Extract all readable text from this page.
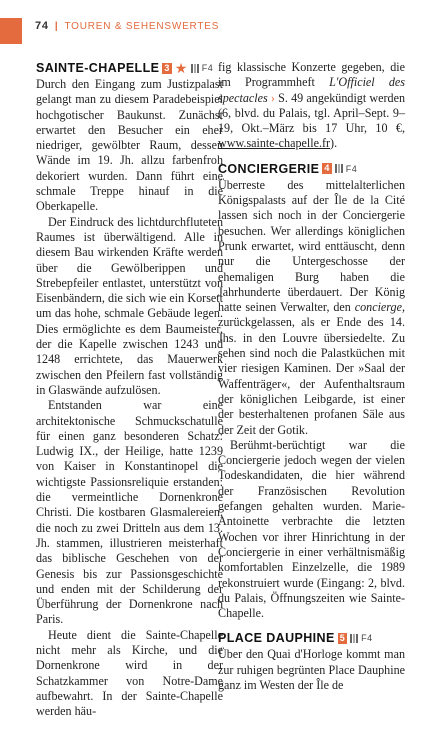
74 | TOUREN & SEHENSWERTES
SAINTE-CHAPELLE 3 ★ F4

Durch den Eingang zum Justizpalast gelangt man zu diesem Paradebeispiel hochgotischer Baukunst. Zunächst erwartet den Besucher ein eher niedriger, gewölbter Raum, dessen Wände im 19. Jh. allzu farbenfroh dekoriert wurden. Dann führt eine schmale Treppe hinauf in die Oberkapelle.

Der Eindruck des lichtdurchfluteten Raumes ist überwältigend. Alle in diesem Bau wirkenden Kräfte werden über die Gewölberippen und Strebepfeiler entlastet, unterstützt von Eisenbändern, die sich wie ein Korsett um das hohe, schmale Gebäude legen. Dies ermöglichte es dem Baumeister, der die Kapelle zwischen 1243 und 1248 errichtete, das Mauerwerk zwischen den Pfeilern fast vollständig in Glaswände aufzulösen.

Entstanden war eine architektonische Schmuckschatulle für einen ganz besonderen Schatz: Ludwig IX., der Heilige, hatte 1239 von Kaiser in Konstantinopel die wichtigste Passionsreliquie erstanden: die vermeintliche Dornenkrone Christi. Die kostbaren Glasmalereien, die noch zu zwei Dritteln aus dem 13. Jh. stammen, illustrieren meisterhaft das biblische Geschehen von der Genesis bis zur Passionsgeschichte und enden mit der Schilderung der Überführung der Dornenkrone nach Paris.

Heute dient die Sainte-Chapelle nicht mehr als Kirche, und die Dornenkrone wird in der Schatzkammer von Notre-Dame aufbewahrt. In der Sainte-Chapelle werden häu-

fig klassische Konzerte gegeben, die im Programmheft L'Officiel des spectacles › S. 49 angekündigt werden (6, blvd. du Palais, tgl. April–Sept. 9–19, Okt.–März bis 17 Uhr, 10 €, www.sainte-chapelle.fr).

CONCIERGERIE 4 F4

Überreste des mittelalterlichen Königspalasts auf der Île de la Cité lassen sich noch in der Conciergerie besuchen. Wer allerdings königlichen Prunk erwartet, wird enttäuscht, denn nur die Untergeschosse der ehemaligen Burg haben die Jahrhunderte überdauert. Der König hatte seinen Verwalter, den concierge, zurückgelassen, als er Ende des 14. Jhs. in den Louvre übersiedelte. Zu sehen sind noch die Palastküchen mit vier riesigen Kaminen. Der »Saal der Waffenträger«, der Aufenthaltsraum der königlichen Leibgarde, ist einer der besterhaltenen profanen Säle aus der Zeit der Gotik.

Berühmt-berüchtigt war die Conciergerie jedoch wegen der vielen Todeskandidaten, die hier während der Französischen Revolution gefangen gehalten wurden. Marie-Antoinette verbrachte die letzten Wochen vor ihrer Hinrichtung in der Conciergerie in einer verhältnismäßig komfortablen Einzelzelle, die 1989 rekonstruiert wurde (Eingang: 2, blvd. du Palais, Öffnungszeiten wie Sainte-Chapelle.

PLACE DAUPHINE 5 F4

Über den Quai d'Horloge kommt man zur ruhigen begrünten Place Dauphine ganz im Westen der Île de
